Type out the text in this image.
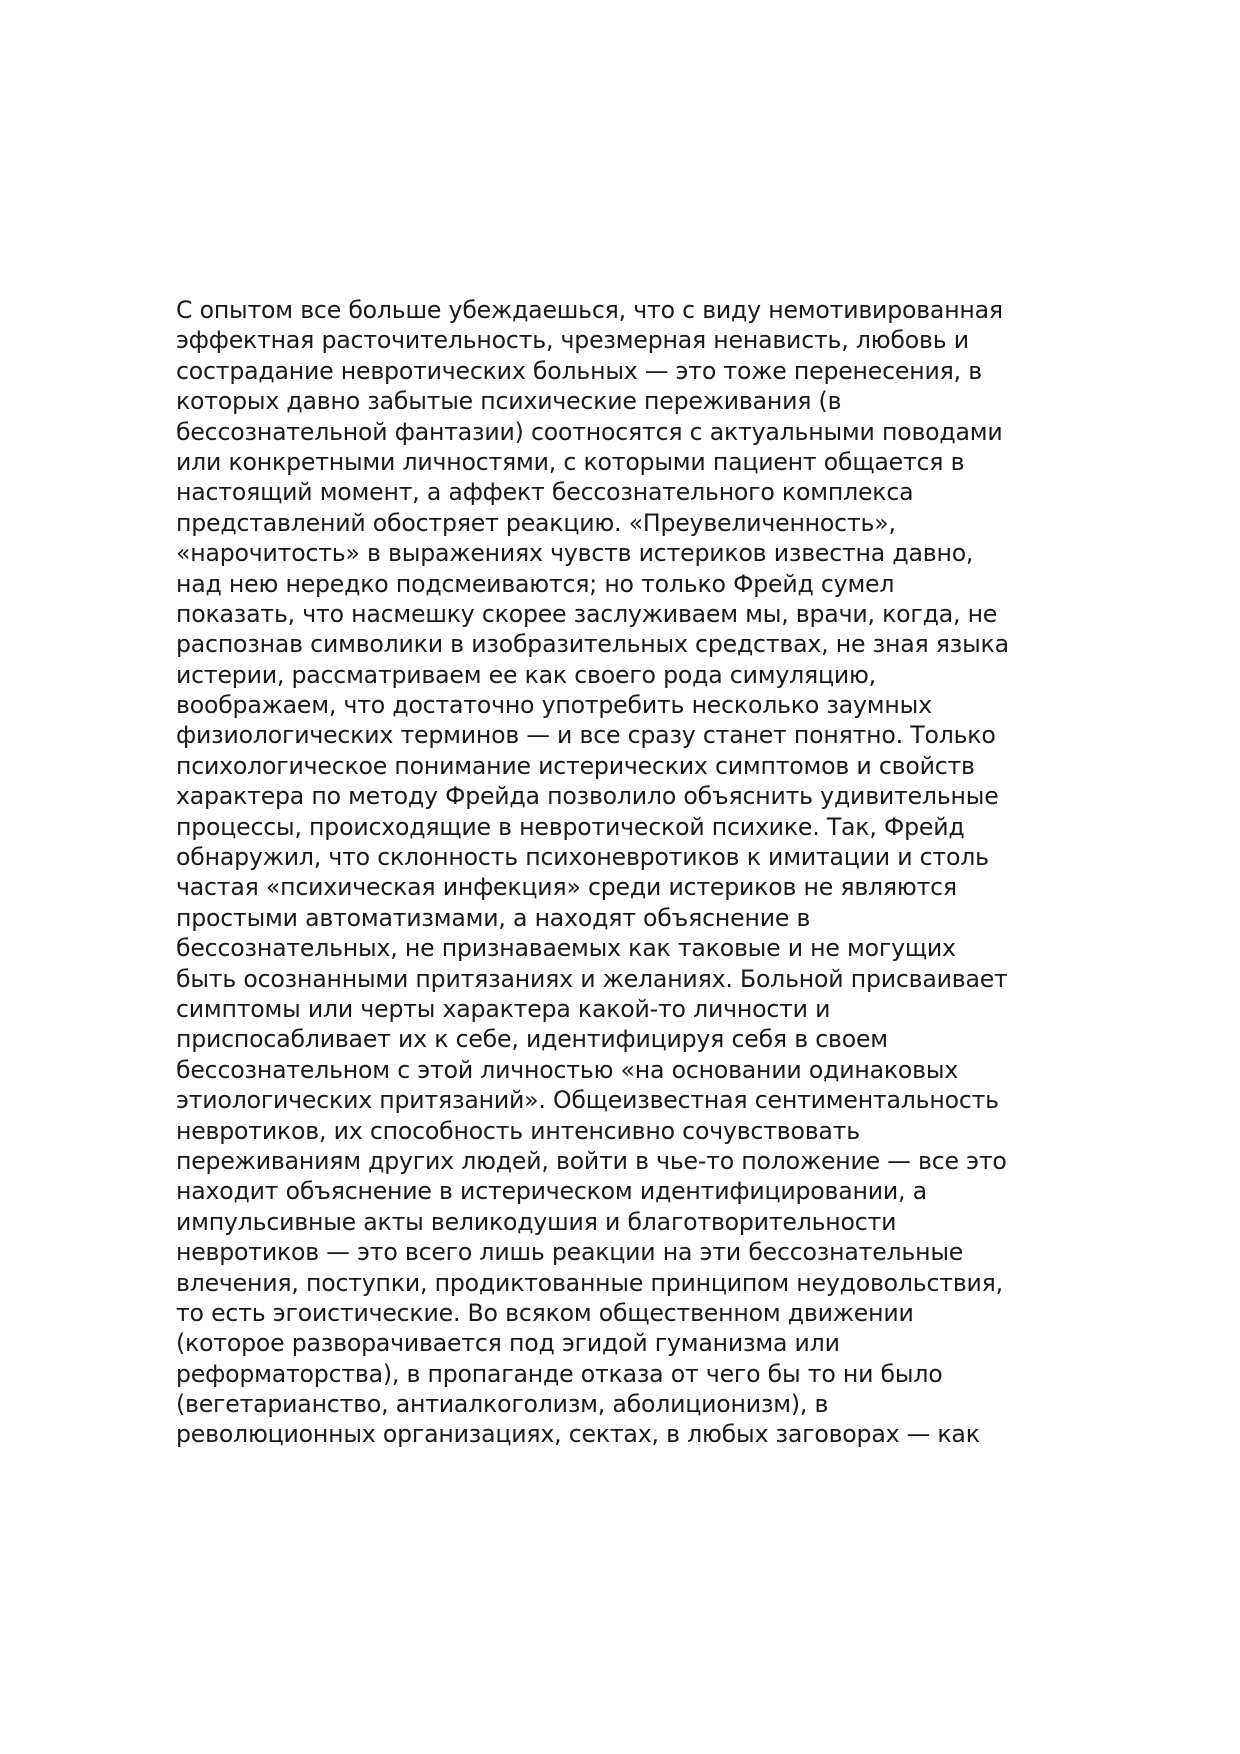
С опытом все больше убеждаешься, что с виду немотивированная
эффектная расточительность, чрезмерная ненависть, любовь и
сострадание невротических больных — это тоже перенесения, в
которых давно забытые психические переживания (в
бессознательной фантазии) соотносятся с актуальными поводами
или конкретными личностями, с которыми пациент общается в
настоящий момент, а аффект бессознательного комплекса
представлений обостряет реакцию. «Преувеличенность»,
«нарочитость» в выражениях чувств истериков известна давно,
над нею нередко подсмеиваются; но только Фрейд сумел
показать, что насмешку скорее заслуживаем мы, врачи, когда, не
распознав символики в изобразительных средствах, не зная языка
истерии, рассматриваем ее как своего рода симуляцию,
воображаем, что достаточно употребить несколько заумных
физиологических терминов — и все сразу станет понятно. Только
психологическое понимание истерических симптомов и свойств
характера по методу Фрейда позволило объяснить удивительные
процессы, происходящие в невротической психике. Так, Фрейд
обнаружил, что склонность психоневротиков к имитации и столь
частая «психическая инфекция» среди истериков не являются
простыми автоматизмами, а находят объяснение в
бессознательных, не признаваемых как таковые и не могущих
быть осознанными притязаниях и желаниях. Больной присваивает
симптомы или черты характера какой-то личности и
приспосабливает их к себе, идентифицируя себя в своем
бессознательном с этой личностью «на основании одинаковых
этиологических притязаний». Общеизвестная сентиментальность
невротиков, их способность интенсивно сочувствовать
переживаниям других людей, войти в чье-то положение — все это
находит объяснение в истерическом идентифицировании, а
импульсивные акты великодушия и благотворительности
невротиков — это всего лишь реакции на эти бессознательные
влечения, поступки, продиктованные принципом неудовольствия,
то есть эгоистические. Во всяком общественном движении
(которое разворачивается под эгидой гуманизма или
реформаторства), в пропаганде отказа от чего бы то ни было
(вегетарианство, антиалкоголизм, аболиционизм), в
революционных организациях, сектах, в любых заговорах — как
